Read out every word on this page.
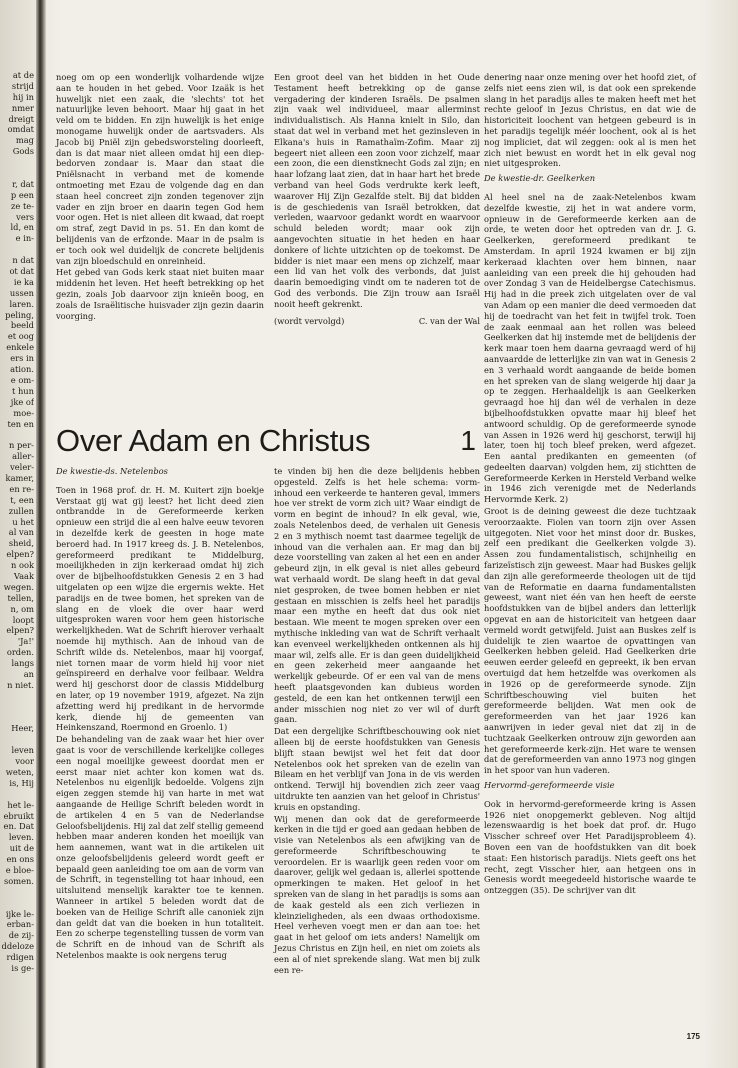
at de
strijd
hij in
nmer
dreigt
omdat
mag
Gods
r, dat
p een
ze te-
vers
ld, en
e in-
n dat
ot dat
ie ka
ussen
laren.
peling,
beeld
et oog
enkele
ers in
ation.
e om-
t hun
jke of
moe-
ten en
n per-
aller-
veler-
kamer,
en re-
t, een
zullen
u het
al van
sheid,
elpen?
n ook
Vaak
wegen.
tellen,
n, om
loopt
elpen?
'Ja!'
orden.
langs
an
n niet.
Heer,
leven
voor
weten,
is, Hij
het le-
ebruikt
en. Dat
leven.
uit de
en ons
e bloe-
somen.
ijke le-
erban-
de zij-
ddeloze
rdigen
is ge-

noeg om op een wonderlijk volhardende wijze aan te houden in het gebed. Voor Izaäk is het huwelijk niet een zaak, die 'slechts' tot het natuurlijke leven behoort. Maar hij gaat in het veld om te bidden. En zijn huwelijk is het enige monogame huwelijk onder de aartsvaders. Als Jacob bij Pniël zijn gebedsworsteling doorleeft, dan is dat maar niet alleen omdat hij een diep-bedorven zondaar is. Maar dan staat die Pniëlsnacht in verband met de komende ontmoeting met Ezau de volgende dag en dan staan heel concreet zijn zonden tegenover zijn vader en zijn broer en daarin tegen God hem voor ogen. Het is niet alleen dit kwaad, dat roept om straf, zegt David in ps. 51. En dan komt de belijdenis van de erfzonde. Maar in de psalm is er toch ook wel duidelijk de concrete belijdenis van zijn bloedschuld en onreinheid.

Het gebed van Gods kerk staat niet buiten maar middenin het leven. Het heeft betrekking op het gezin, zoals Job daarvoor zijn knieën boog, en zoals de Israëlitische huisvader zijn gezin daarin voorging.

Een groot deel van het bidden in het Oude Testament heeft betrekking op de ganse vergadering der kinderen Israëls. De psalmen zijn vaak wel individueel, maar allerminst individualistisch. Als Hanna knielt in Silo, dan staat dat wel in verband met het gezinsleven in Elkana's huis in Ramathaïm-Zofim. Maar zij begeert niet alleen een zoon voor zichzelf, maar een zoon, die een dienstknecht Gods zal zijn; en haar lofzang laat zien, dat in haar hart het brede verband van heel Gods verdrukte kerk leeft, waarover Hij Zijn Gezalfde stelt. Bij dat bidden is de geschiedenis van Israël betrokken, dat verleden, waarvoor gedankt wordt en waarvoor schuld beleden wordt; maar ook zijn aangevochten situatie in het heden en haar donkere of lichte uitzichten op de toekomst. De bidder is niet maar een mens op zichzelf, maar een lid van het volk des verbonds, dat juist daarin bemoediging vindt om te naderen tot de God des verbonds. Die Zijn trouw aan Israël nooit heeft gekrenkt.

(wordt vervolgd)	C. van der Wal

denering naar onze mening over het hoofd ziet, of zelfs niet eens zien wil, is dat ook een sprekende slang in het paradijs alles te maken heeft met het rechte geloof in Jezus Christus, en dat wie de historiciteit loochent van hetgeen gebeurd is in het paradijs tegelijk méér loochent, ook al is het nog impliciet, dat wil zeggen: ook al is men het zich niet bewust en wordt het in elk geval nog niet uitgesproken.

De kwestie-dr. Geelkerken

Al heel snel na de zaak-Netelenbos kwam dezelfde kwestie, zij het in wat andere vorm, opnieuw in de Gereformeerde kerken aan de orde, te weten door het optreden van dr. J. G. Geelkerken, gereformeerd predikant te Amsterdam. In april 1924 kwamen er bij zijn kerkeraad klachten over hem binnen, naar aanleiding van een preek die hij gehouden had over Zondag 3 van de Heidelbergse Catechismus. Hij had in die preek zich uitgelaten over de val van Adam op een manier die deed vermoeden dat hij de toedracht van het feit in twijfel trok. Toen de zaak eenmaal aan het rollen was beleed Geelkerken dat hij instemde met de belijdenis der kerk maar toen hem daarna gevraagd werd of hij aanvaardde de letterlijke zin van wat in Genesis 2 en 3 verhaald wordt aangaande de beide bomen en het spreken van de slang weigerde hij daar ja op te zeggen. Herhaaldelijk is aan Geelkerken gevraagd hoe hij dan wél de verhalen in deze bijbelhoofdstukken opvatte maar hij bleef het antwoord schuldig. Op de gereformeerde synode van Assen in 1926 werd hij geschorst, terwijl hij later, toen hij toch bleef preken, werd afgezet. Een aantal predikanten en gemeenten (of gedeelten daarvan) volgden hem, zij stichtten de Gereformeerde Kerken in Hersteld Verband welke in 1946 zich verenigde met de Nederlands Hervormde Kerk. 2)

Groot is de deining geweest die deze tuchtzaak veroorzaakte. Fiolen van toorn zijn over Assen uitgegoten. Niet voor het minst door dr. Buskes, zelf een predikant die Geelkerken volgde 3). Assen zou fundamentalistisch, schijnheilig en farizeïstisch zijn geweest. Maar had Buskes gelijk dan zijn alle gereformeerde theologen uit de tijd van de Reformatie en daarna fundamentalisten geweest, want niet één van hen heeft de eerste hoofdstukken van de bijbel anders dan letterlijk opgevat en aan de historiciteit van hetgeen daar vermeld wordt getwijfeld. Juist aan Buskes zelf is duidelijk te zien waartoe de opvattingen van Geelkerken hebben geleid. Had Geelkerken drie eeuwen eerder geleefd en gepreekt, ik ben ervan overtuigd dat hem hetzelfde was overkomen als in 1926 op de gereformeerde synode. Zijn Schriftbeschouwing viel buiten het gereformeerde belijden. Wat men ook de gereformeerden van het jaar 1926 kan aanwrijven in ieder geval niet dat zij in de tuchtzaak Geelkerken ontrouw zijn geworden aan het gereformeerde kerk-zijn. Het ware te wensen dat de gereformeerden van anno 1973 nog gingen in het spoor van hun vaderen.

Hervormd-gereformeerde visie

Ook in hervormd-gereformeerde kring is Assen 1926 niet onopgemerkt gebleven. Nog altijd lezenswaardig is het boek dat prof. dr. Hugo Visscher schreef over Het Paradijsprobleem 4). Boven een van de hoofdstukken van dit boek staat: Een historisch paradijs. Niets geeft ons het recht, zegt Visscher hier, aan hetgeen ons in Genesis wordt meegedeeld historische waarde te ontzeggen (35). De schrijver van dit

Over Adam en Christus	1
De kwestie-ds. Netelenbos

Toen in 1968 prof. dr. H. M. Kuitert zijn boekje Verstaat gij wat gij leest? het licht deed zien ontbrandde in de Gereformeerde kerken opnieuw een strijd die al een halve eeuw tevoren in dezelfde kerk de geesten in hoge mate beroerd had. In 1917 kreeg ds. J. B. Netelenbos, gereformeerd predikant te Middelburg, moeilijkheden in zijn kerkeraad omdat hij zich over de bijbelhoofdstukken Genesis 2 en 3 had uitgelaten op een wijze die ergernis wekte. Het paradijs en de twee bomen, het spreken van de slang en de vloek die over haar werd uitgesproken waren voor hem geen historische werkelijkheden. Wat de Schrift hierover verhaalt noemde hij mythisch. Aan de inhoud van de Schrift wilde ds. Netelenbos, maar hij voorgaf, niet tornen maar de vorm hield hij voor niet geïnspireerd en derhalve voor feilbaar. Weldra werd hij geschorst door de classis Middelburg en later, op 19 november 1919, afgezet. Na zijn afzetting werd hij predikant in de hervormde kerk, diende hij de gemeenten van Heinkenszand, Roermond en Groenlo. 1)

De behandeling van de zaak waar het hier over gaat is voor de verschillende kerkelijke colleges een nogal moeilijke geweest doordat men er eerst maar niet achter kon komen wat ds. Netelenbos nu eigenlijk bedoelde. Volgens zijn eigen zeggen stemde hij van harte in met wat aangaande de Heilige Schrift beleden wordt in de artikelen 4 en 5 van de Nederlandse Geloofsbelijdenis. Hij zal dat zelf stellig gemeend hebben maar anderen konden het moeilijk van hem aannemen, want wat in die artikelen uit onze geloofsbelijdenis geleerd wordt geeft er bepaald geen aanleiding toe om aan de vorm van de Schrift, in tegenstelling tot haar inhoud, een uitsluitend menselijk karakter toe te kennen. Wanneer in artikel 5 beleden wordt dat de boeken van de Heilige Schrift alle canoniek zijn dan geldt dat van die boeken in hun totaliteit. Een zo scherpe tegenstelling tussen de vorm van de Schrift en de inhoud van de Schrift als Netelenbos maakte is ook nergens terug

te vinden bij hen die deze belijdenis hebben opgesteld. Zelfs is het hele schema: vorm-inhoud een verkeerde te hanteren geval, immers hoe ver strekt de vorm zich uit? Waar eindigt de vorm en begint de inhoud? In elk geval, wie, zoals Netelenbos deed, de verhalen uit Genesis 2 en 3 mythisch noemt tast daarmee tegelijk de inhoud van die verhalen aan. Er mag dan bij deze voorstelling van zaken al het een en ander gebeurd zijn, in elk geval is niet alles gebeurd wat verhaald wordt. De slang heeft in dat geval niet gesproken, de twee bomen hebben er niet gestaan en misschien is zelfs heel het paradijs maar een mythe en heeft dat dus ook niet bestaan. Wie meent te mogen spreken over een mythische inkleding van wat de Schrift verhaalt kan evenveel werkelijkheden ontkennen als hij maar wil, zelfs alle. Er is dan geen duidelijkheid en geen zekerheid meer aangaande het werkelijk gebeurde. Of er een val van de mens heeft plaatsgevonden kan dubieus worden gesteld, de een kan het ontkennen terwijl een ander misschien nog niet zo ver wil of durft gaan.

Dat een dergelijke Schriftbeschouwing ook niet alleen bij de eerste hoofdstukken van Genesis blijft staan bewijst wel het feit dat door Netelenbos ook het spreken van de ezelin van Bileam en het verblijf van Jona in de vis werden ontkend. Terwijl hij bovendien zich zeer vaag uitdrukte ten aanzien van het geloof in Christus' kruis en opstanding.

Wij menen dan ook dat de gereformeerde kerken in die tijd er goed aan gedaan hebben de visie van Netelenbos als een afwijking van de gereformeerde Schriftbeschouwing te veroordelen. Er is waarlijk geen reden voor om daarover, gelijk wel gedaan is, allerlei spottende opmerkingen te maken. Het geloof in het spreken van de slang in het paradijs is soms aan de kaak gesteld als een zich verliezen in kleinzieligheden, als een dwaas orthodoxisme. Heel verheven voegt men er dan aan toe: het gaat in het geloof om iets anders! Namelijk om Jezus Christus en Zijn heil, en niet om zoiets als een al of niet sprekende slang. Wat men bij zulk een re-

175
